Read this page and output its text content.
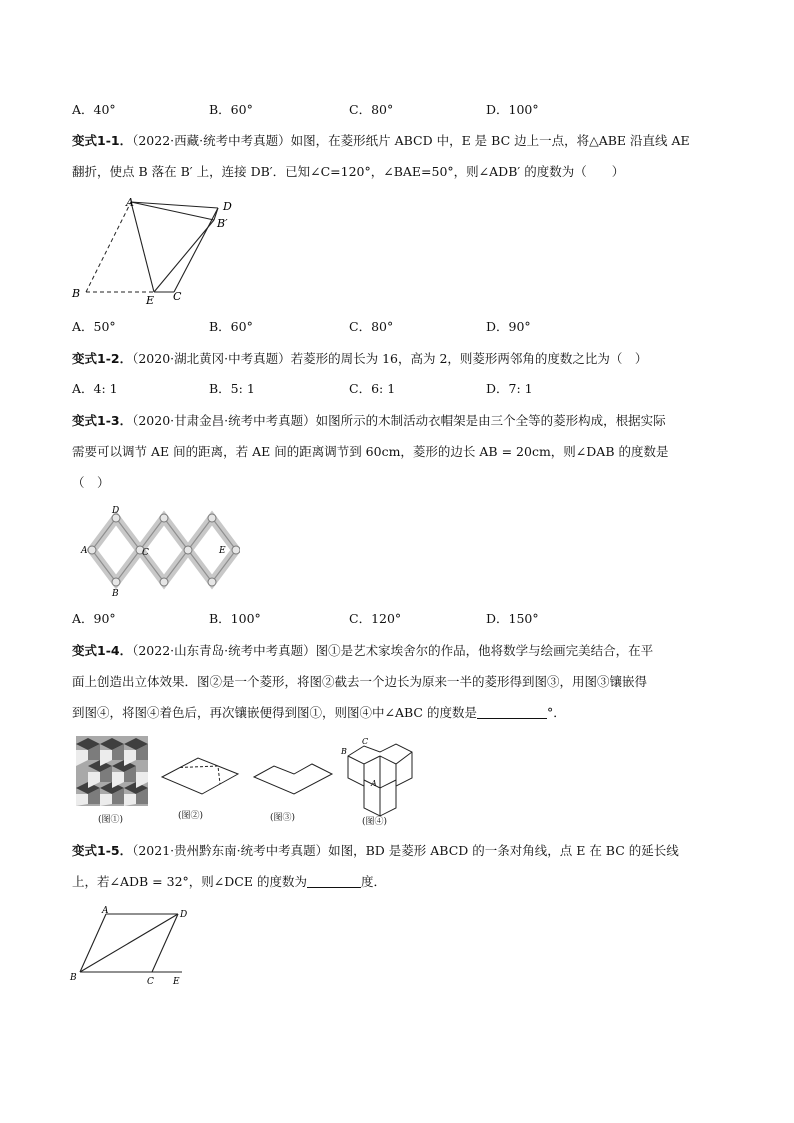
A．40°	B．60°	C．80°	D．100°
变式1-1．（2022·西藏·统考中考真题）如图，在菱形纸片 ABCD 中，E 是 BC 边上一点，将△ABE 沿直线 AE
翻折，使点 B 落在 B′ 上，连接 DB′．已知∠C=120°，∠BAE=50°，则∠ADB′ 的度数为（　　）
A	D
B′
B
E C
A．50°	B．60°	C．80°	D．90°
变式1-2．（2020·湖北黄冈·中考真题）若菱形的周长为 16，高为 2，则菱形两邻角的度数之比为（　）
A．4: 1	B．5: 1	C．6: 1	D．7: 1
变式1-3．（2020·甘肃金昌·统考中考真题）如图所示的木制活动衣帽架是由三个全等的菱形构成，根据实际
需要可以调节 AE 间的距离，若 AE 间的距离调节到 60cm，菱形的边长 AB = 20cm，则∠DAB 的度数是
（　）
A
D
C
B
E
A．90°	B．100°	C．120°	D．150°
变式1-4．（2022·山东青岛·统考中考真题）图①是艺术家埃舍尔的作品，他将数学与绘画完美结合，在平
面上创造出立体效果．图②是一个菱形，将图②截去一个边长为原来一半的菱形得到图③，用图③镶嵌得
到图④，将图④着色后，再次镶嵌便得到图①，则图④中∠ABC 的度数是	°．
(图①)	(图②)	(图③)
B
C
A
(图④)
变式1-5．（2021·贵州黔东南·统考中考真题）如图，BD 是菱形 ABCD 的一条对角线，点 E 在 BC 的延长线
上，若∠ADB = 32°，则∠DCE 的度数为	度．
A	D
B	C E
